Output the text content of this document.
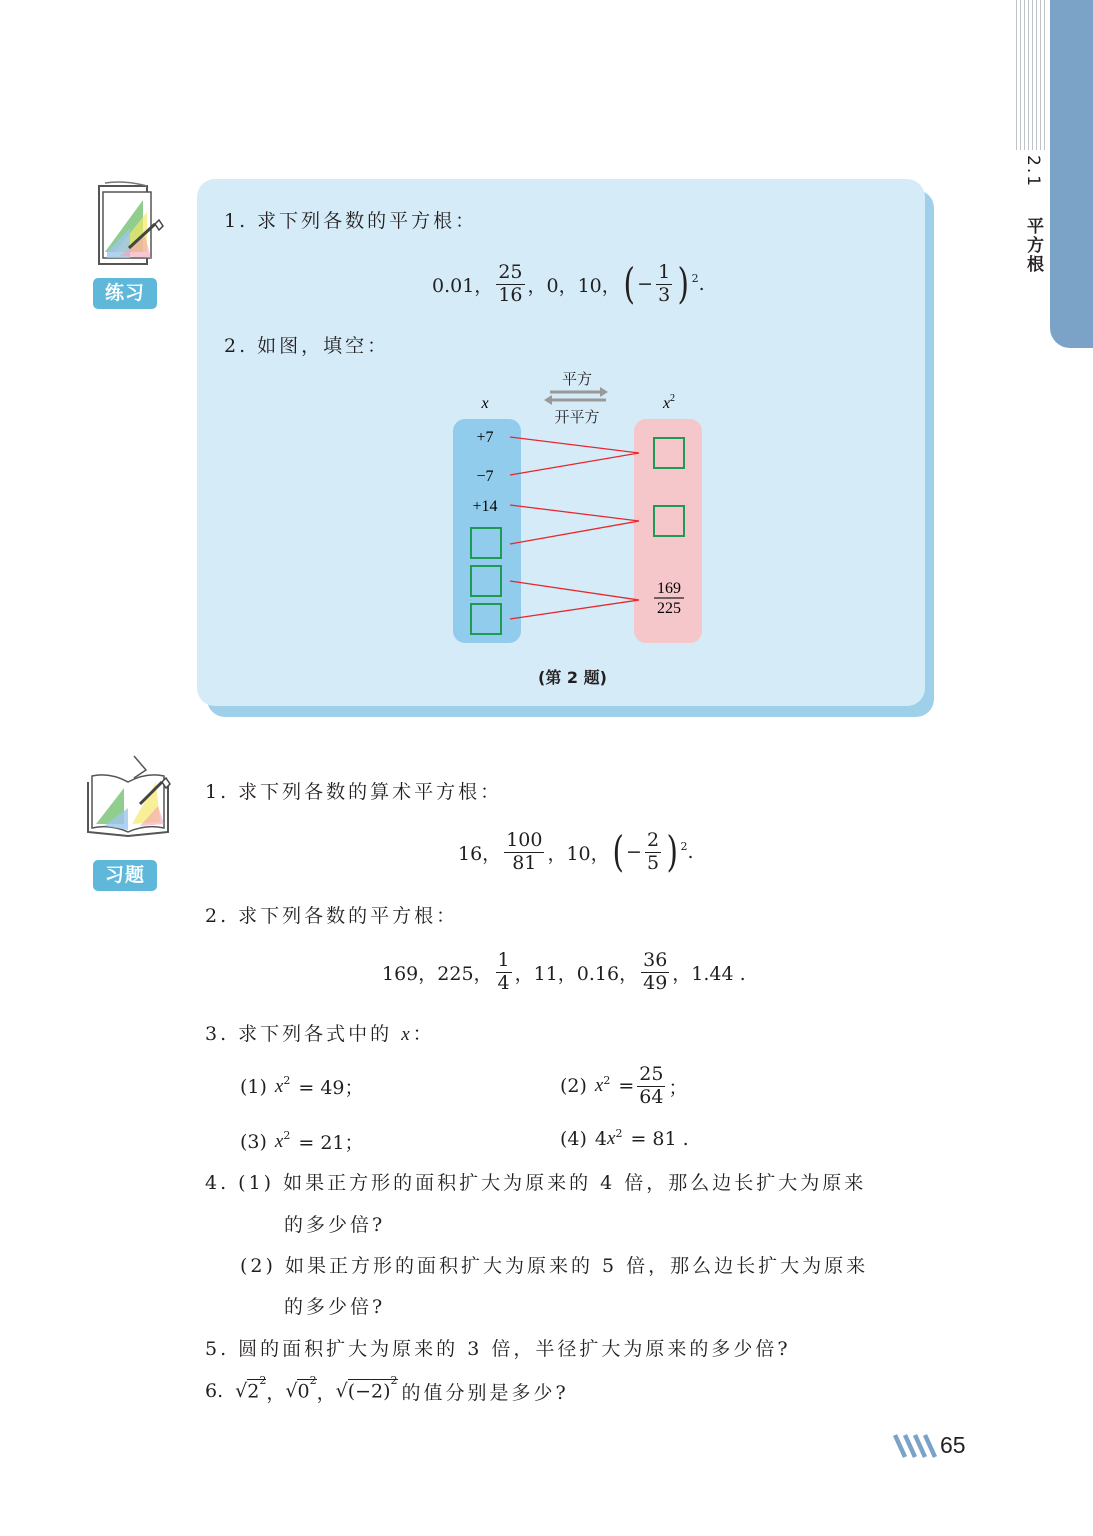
2.1  平方根
练习
1. 求下列各数的平方根：
0.01， $\frac{25}{16}$ ，0，10， ( − $\frac{1}{3}$ ) 2 .
2. 如图，填空：
平方
开平方
x	$x^2$
+7
−7
+14
169
225
(第 2 题)
习题
1. 求下列各数的算术平方根：
16， $\frac{100}{81}$ ，10， ( − $\frac{2}{5}$ ) 2 .
2. 求下列各数的平方根：
169，225， $\frac{1}{4}$ ，11，0.16， $\frac{36}{49}$ ，1.44 .
3. 求下列各式中的 x：
(1) x 2 = 49；	(2) x $2 = \frac{25}{64}$ ；
(3) x 2 = 21；	(4) 4 x 2 = 81 .
4. (1) 如果正方形的面积扩大为原来的 4 倍，那么边长扩大为原来
的多少倍?
(2) 如果正方形的面积扩大为原来的 5 倍，那么边长扩大为原来
的多少倍?
5. 圆的面积扩大为原来的 3 倍，半径扩大为原来的多少倍?
6. √ $2^2$
， √ $0^2$
， √ $(-2)^2$
的值分别是多少?
65
